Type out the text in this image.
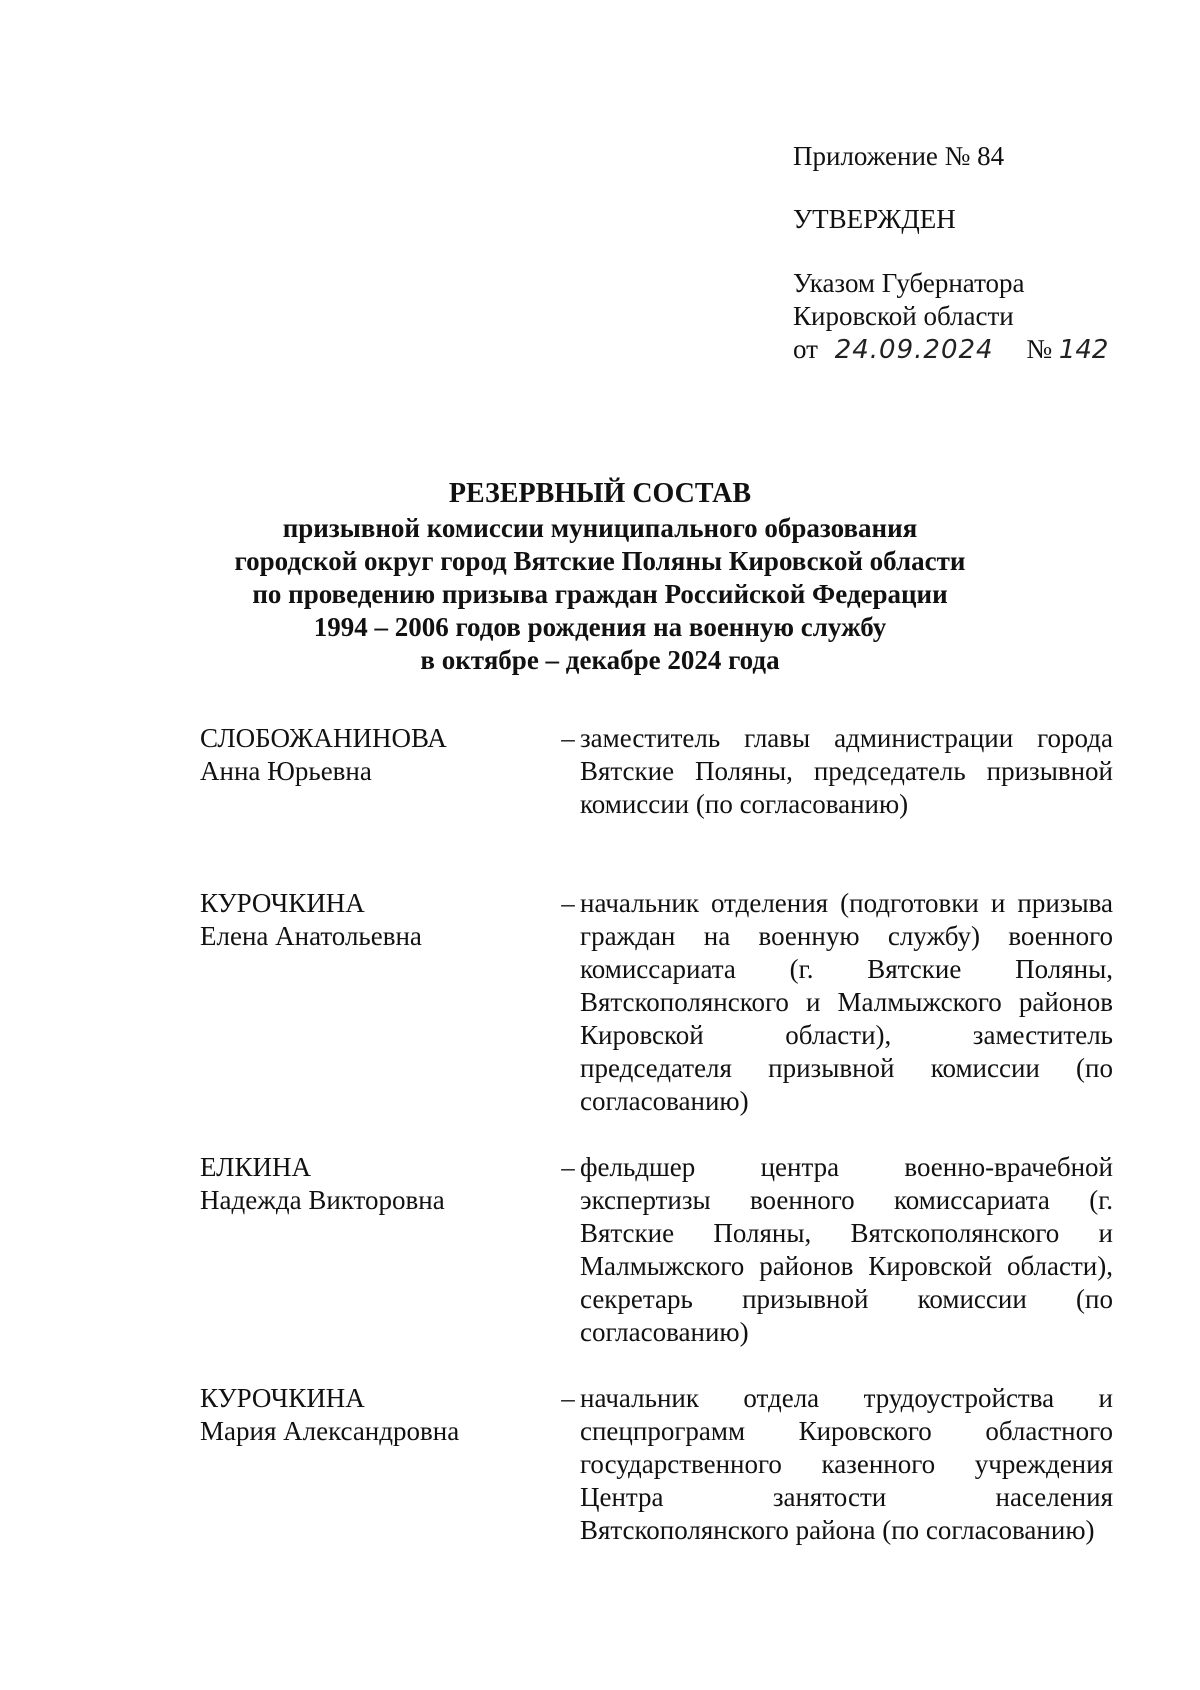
Приложение № 84
УТВЕРЖДЕН
Указом Губернатора
Кировской области
от 24.09.2024 № 142
РЕЗЕРВНЫЙ СОСТАВ
призывной комиссии муниципального образования
городской округ город Вятские Поляны Кировской области
по проведению призыва граждан Российской Федерации
1994 – 2006 годов рождения на военную службу
в октябре – декабре 2024 года
СЛОБОЖАНИНОВА
Анна Юрьевна
– заместитель главы администрации города Вятские Поляны, председатель призывной комиссии (по согласованию)
КУРОЧКИНА
Елена Анатольевна
– начальник отделения (подготовки и призыва граждан на военную службу) военного комиссариата (г. Вятские Поляны, Вятскополянского и Малмыжского районов Кировской области), заместитель председателя призывной комиссии (по согласованию)
ЕЛКИНА
Надежда Викторовна
– фельдшер центра военно-врачебной экспертизы военного комиссариата (г. Вятские Поляны, Вятскополянского и Малмыжского районов Кировской области), секретарь призывной комиссии (по согласованию)
КУРОЧКИНА
Мария Александровна
– начальник отдела трудоустройства и спецпрограмм Кировского областного государственного казенного учреждения Центра занятости населения Вятскополянского района (по согласованию)
